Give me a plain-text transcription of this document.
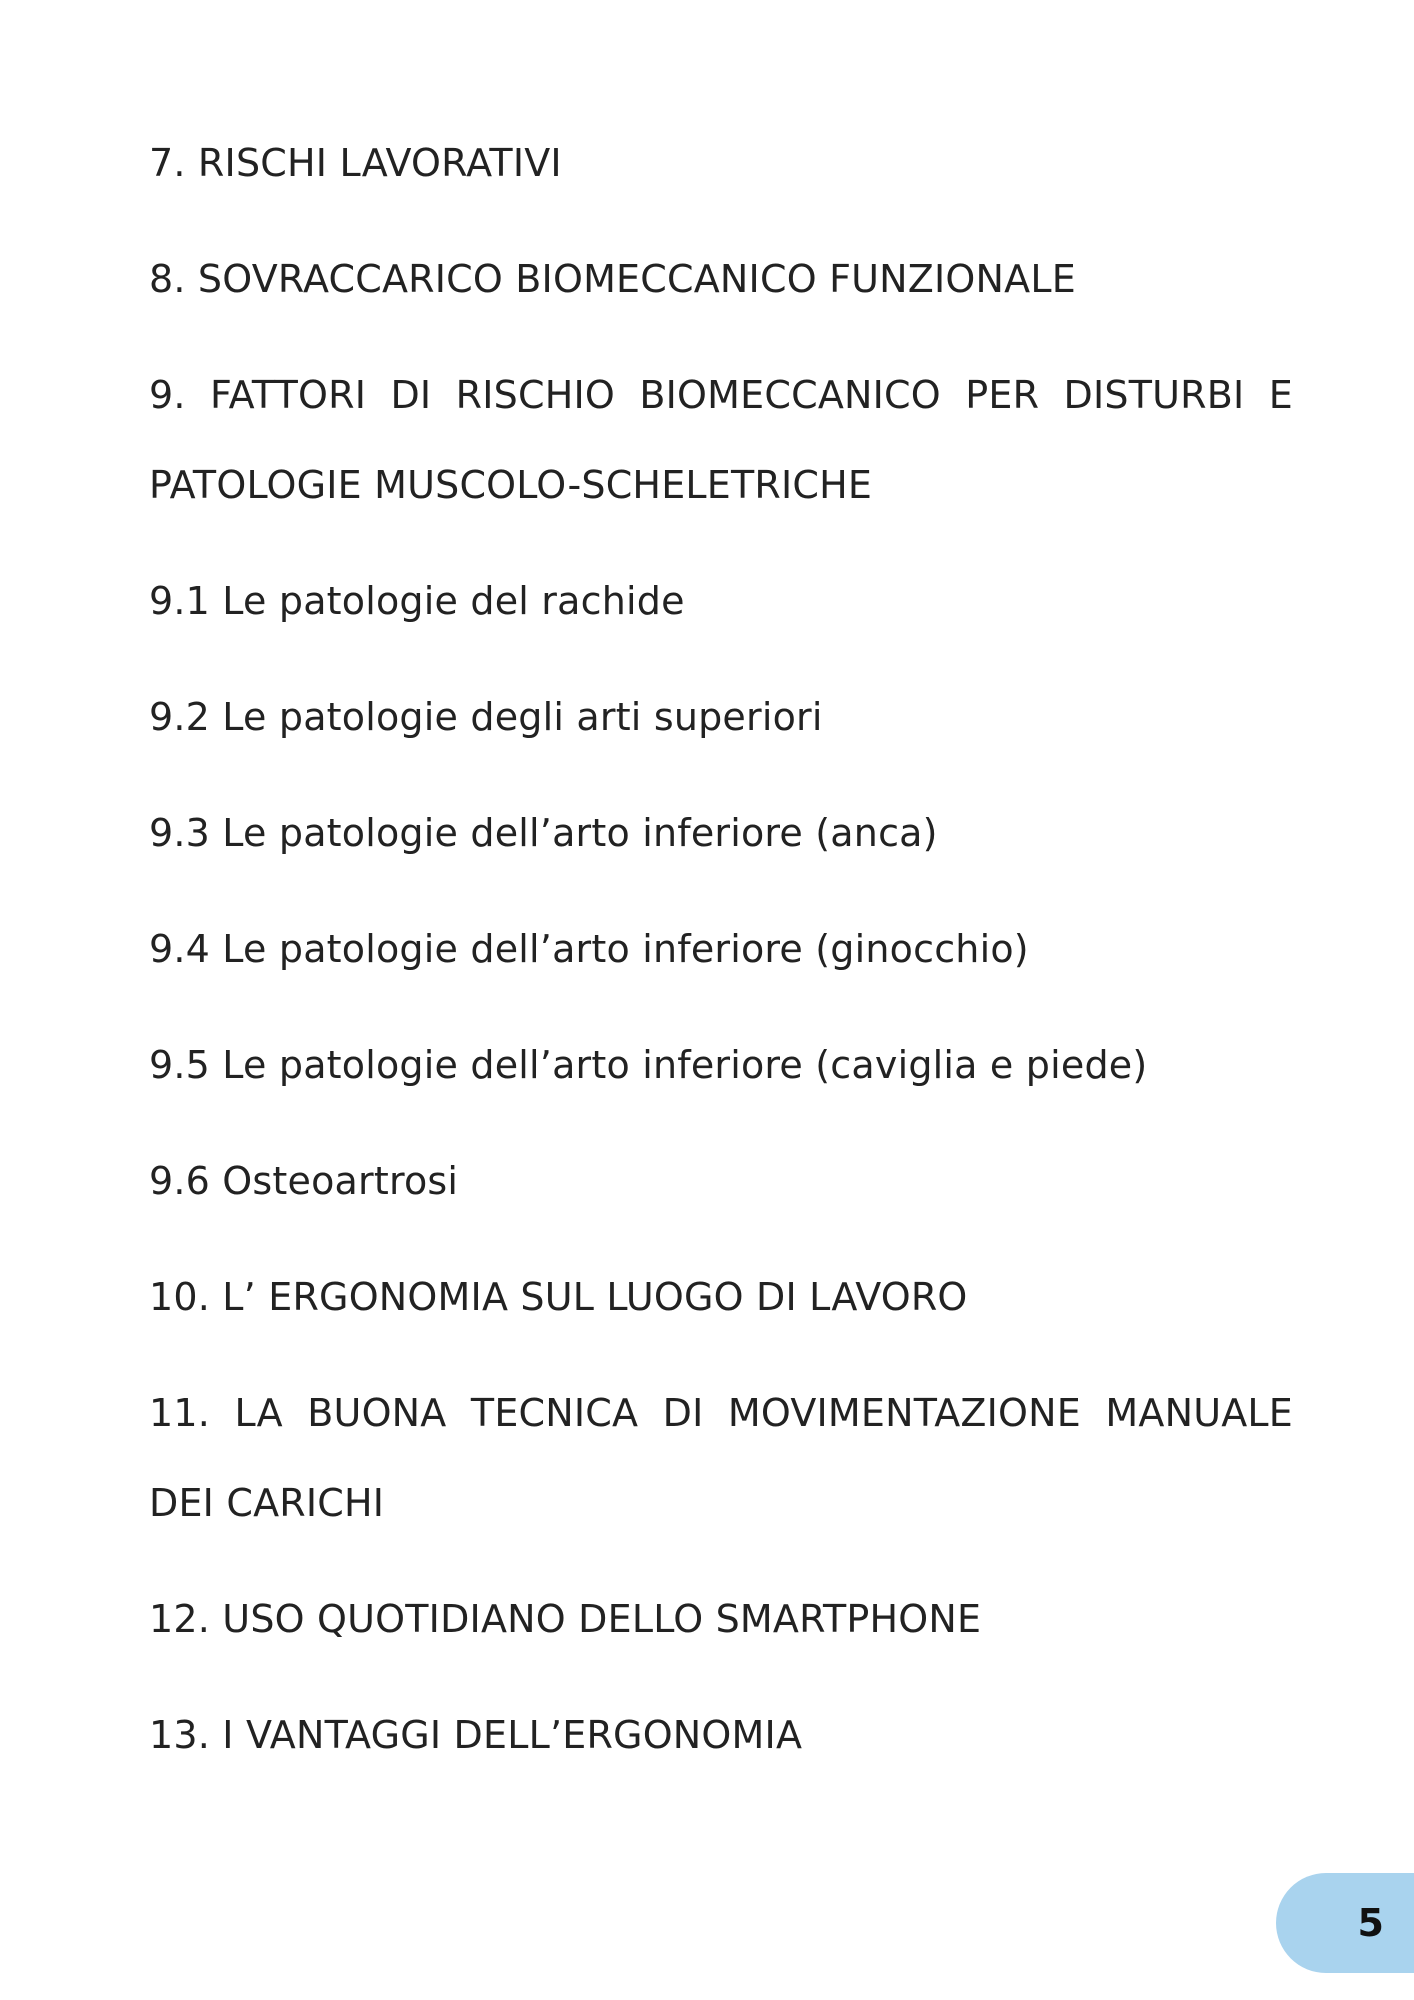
7. RISCHI LAVORATIVI
8. SOVRACCARICO BIOMECCANICO FUNZIONALE
9. FATTORI DI RISCHIO BIOMECCANICO PER DISTURBI E PATOLOGIE MUSCOLO-SCHELETRICHE
9.1 Le patologie del rachide
9.2 Le patologie degli arti superiori
9.3 Le patologie dell’arto inferiore (anca)
9.4 Le patologie dell’arto inferiore (ginocchio)
9.5 Le patologie dell’arto inferiore (caviglia e piede)
9.6 Osteoartrosi
10. L’ ERGONOMIA SUL LUOGO DI LAVORO
11. LA BUONA TECNICA DI MOVIMENTAZIONE MANUALE DEI CARICHI
12. USO QUOTIDIANO DELLO SMARTPHONE
13. I VANTAGGI DELL’ERGONOMIA
5
